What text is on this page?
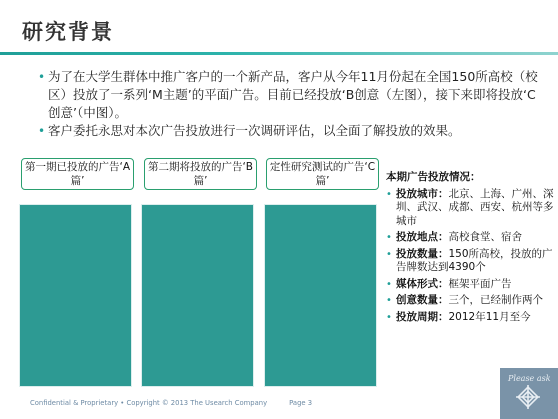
研究背景

• 为了在大学生群体中推广客户的一个新产品，客户从今年11月份起在全国150所高校（校区）投放了一系列‘M主题’的平面广告。目前已经投放‘B创意（左图），接下来即将投放‘C创意’（中图）。

• 客户委托永思对本次广告投放进行一次调研评估，以全面了解投放的效果。

第一期已投放的广告‘A篇’
第二期将投放的广告‘B篇’
定性研究测试的广告‘C篇’	本期广告投放情况：
• 投放城市：北京、上海、广州、深圳、武汉、成都、西安、杭州等多城市
• 投放地点：高校食堂、宿舍
• 投放数量：150所高校，投放的广告牌数达到4390个
• 媒体形式：框架平面广告
• 创意数量：三个，已经制作两个
• 投放周期：2012年11月至今
Confidential & Proprietary • Copyright © 2013 The Usearch Company	Page 3
Please ask
